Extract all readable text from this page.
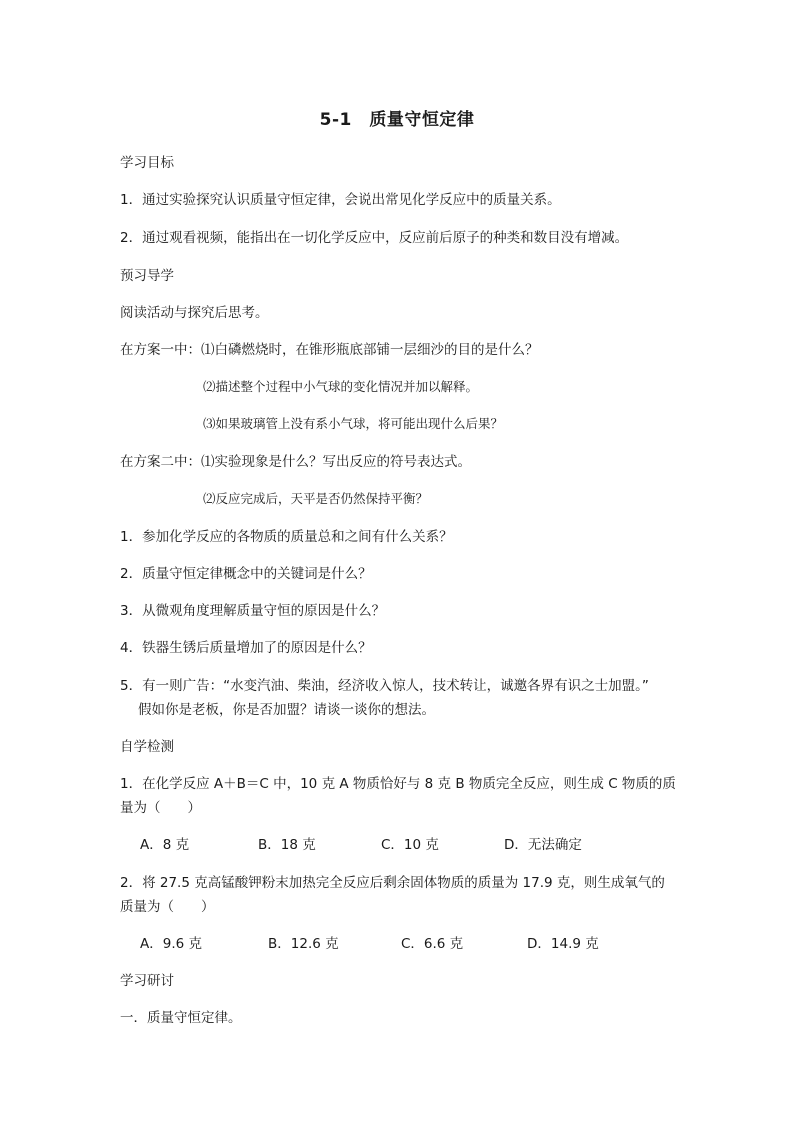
5-1　质量守恒定律
学习目标
1．通过实验探究认识质量守恒定律，会说出常见化学反应中的质量关系。
2．通过观看视频，能指出在一切化学反应中，反应前后原子的种类和数目没有增减。
预习导学
阅读活动与探究后思考。
在方案一中：⑴白磷燃烧时，在锥形瓶底部铺一层细沙的目的是什么？
⑵描述整个过程中小气球的变化情况并加以解释。
⑶如果玻璃管上没有系小气球，将可能出现什么后果？
在方案二中：⑴实验现象是什么？写出反应的符号表达式。
⑵反应完成后，天平是否仍然保持平衡？
1．参加化学反应的各物质的质量总和之间有什么关系？
2．质量守恒定律概念中的关键词是什么？
3．从微观角度理解质量守恒的原因是什么？
4．铁器生锈后质量增加了的原因是什么？
5．有一则广告：“水变汽油、柴油，经济收入惊人，技术转让，诚邀各界有识之士加盟。”
假如你是老板，你是否加盟？请谈一谈你的想法。
自学检测
1．在化学反应 A＋B＝C 中，10 克 A 物质恰好与 8 克 B 物质完全反应，则生成 C 物质的质
量为（　　）
A．8 克	B．18 克	C．10 克	D．无法确定
2．将 27.5 克高锰酸钾粉末加热完全反应后剩余固体物质的质量为 17.9 克，则生成氧气的
质量为（　　）
A．9.6 克	B．12.6 克	C．6.6 克	D．14.9 克
学习研讨
一．质量守恒定律。
